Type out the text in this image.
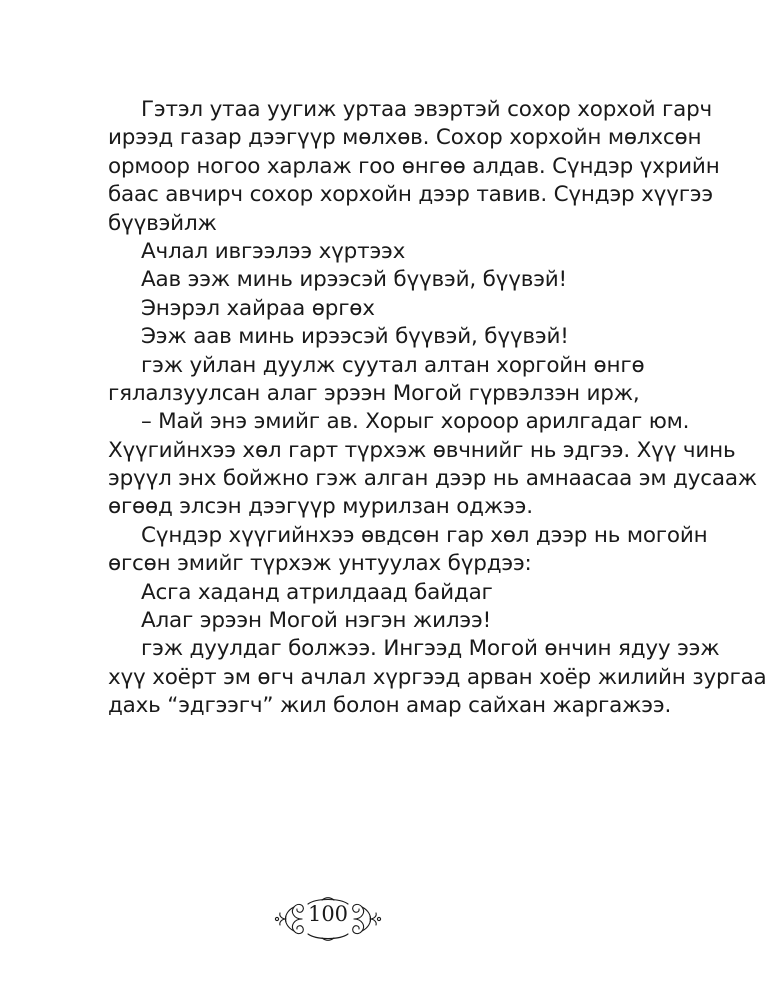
Гэтэл утаа уугиж уртаа эвэртэй сохор хорхой гарч
ирээд газар дээгүүр мөлхөв. Сохор хорхойн мөлхсөн
ормоор ногоо харлаж гоо өнгөө алдав. Сүндэр үхрийн
баас авчирч сохор хорхойн дээр тавив. Сүндэр хүүгээ
бүүвэйлж
Ачлал ивгээлээ хүртээх
Аав ээж минь ирээсэй бүүвэй, бүүвэй!
Энэрэл хайраа өргөх
Ээж аав минь ирээсэй бүүвэй, бүүвэй!
гэж уйлан дуулж суутал алтан хоргойн өнгө
гялалзуулсан алаг эрээн Могой гүрвэлзэн ирж,
– Май энэ эмийг ав. Хорыг хороор арилгадаг юм.
Хүүгийнхээ хөл гарт түрхэж өвчнийг нь эдгээ. Хүү чинь
эрүүл энх бойжно гэж алган дээр нь амнаасаа эм дусааж
өгөөд элсэн дээгүүр мурилзан оджээ.
Сүндэр хүүгийнхээ өвдсөн гар хөл дээр нь могойн
өгсөн эмийг түрхэж унтуулах бүрдээ:
Асга хаданд атрилдаад байдаг
Алаг эрээн Могой нэгэн жилээ!
гэж дуулдаг болжээ. Ингээд Могой өнчин ядуу ээж
хүү хоёрт эм өгч ачлал хүргээд арван хоёр жилийн зургаа
дахь “эдгээгч” жил болон амар сайхан жаргажээ.
100
